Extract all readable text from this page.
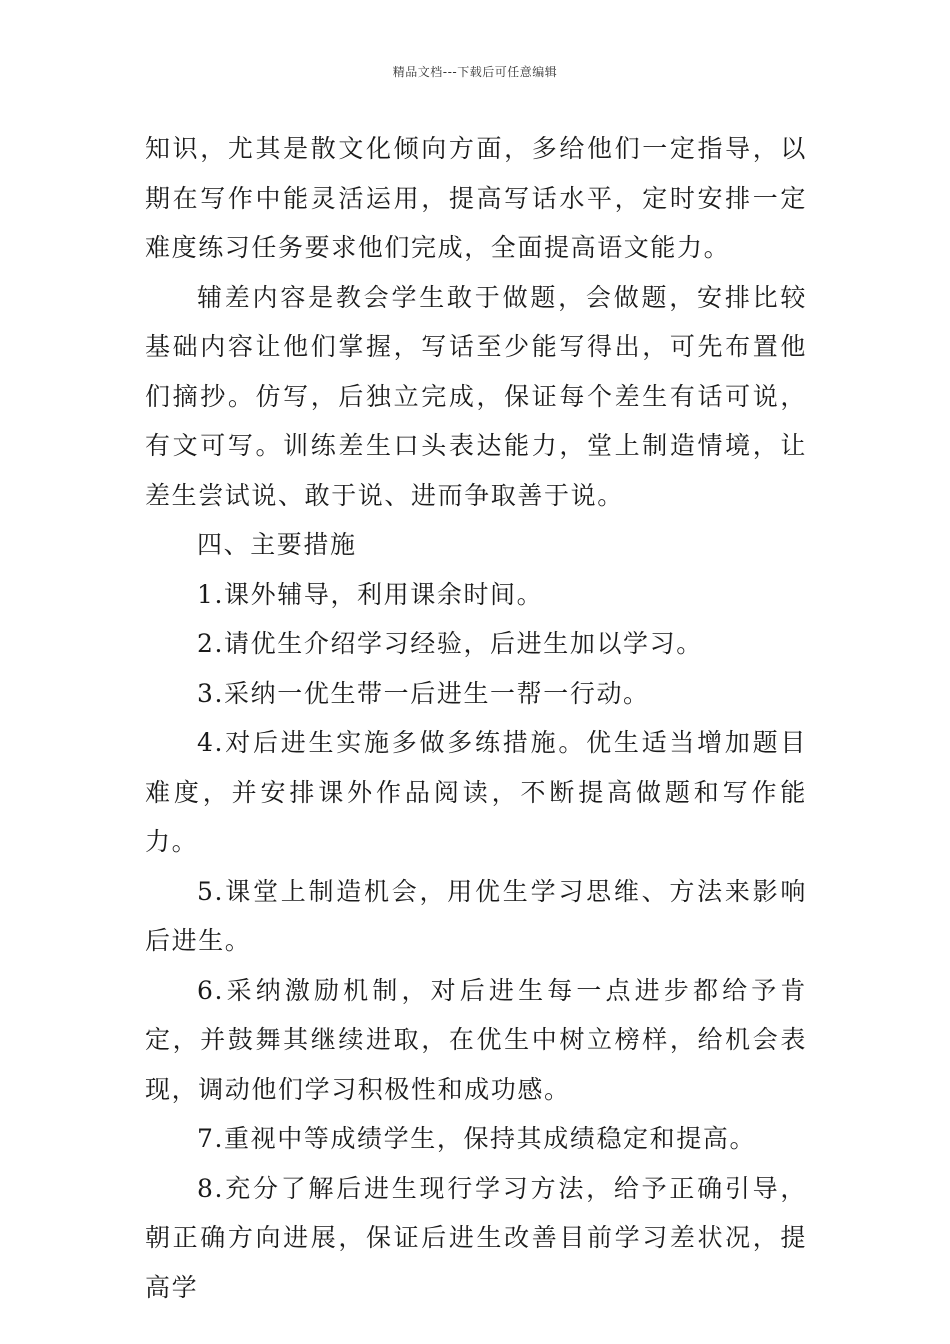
精品文档---下载后可任意编辑

知识，尤其是散文化倾向方面，多给他们一定指导，以期在写作中能灵活运用，提高写话水平，定时安排一定难度练习任务要求他们完成，全面提高语文能力。

辅差内容是教会学生敢于做题，会做题，安排比较基础内容让他们掌握，写话至少能写得出，可先布置他们摘抄。仿写，后独立完成，保证每个差生有话可说，有文可写。训练差生口头表达能力，堂上制造情境，让差生尝试说、敢于说、进而争取善于说。

四、主要措施

1.课外辅导，利用课余时间。

2.请优生介绍学习经验，后进生加以学习。

3.采纳一优生带一后进生一帮一行动。

4.对后进生实施多做多练措施。优生适当增加题目难度，并安排课外作品阅读，不断提高做题和写作能力。

5.课堂上制造机会，用优生学习思维、方法来影响后进生。

6.采纳激励机制，对后进生每一点进步都给予肯定，并鼓舞其继续进取，在优生中树立榜样，给机会表现，调动他们学习积极性和成功感。

7.重视中等成绩学生，保持其成绩稳定和提高。

8.充分了解后进生现行学习方法，给予正确引导，朝正确方向进展，保证后进生改善目前学习差状况，提高学
